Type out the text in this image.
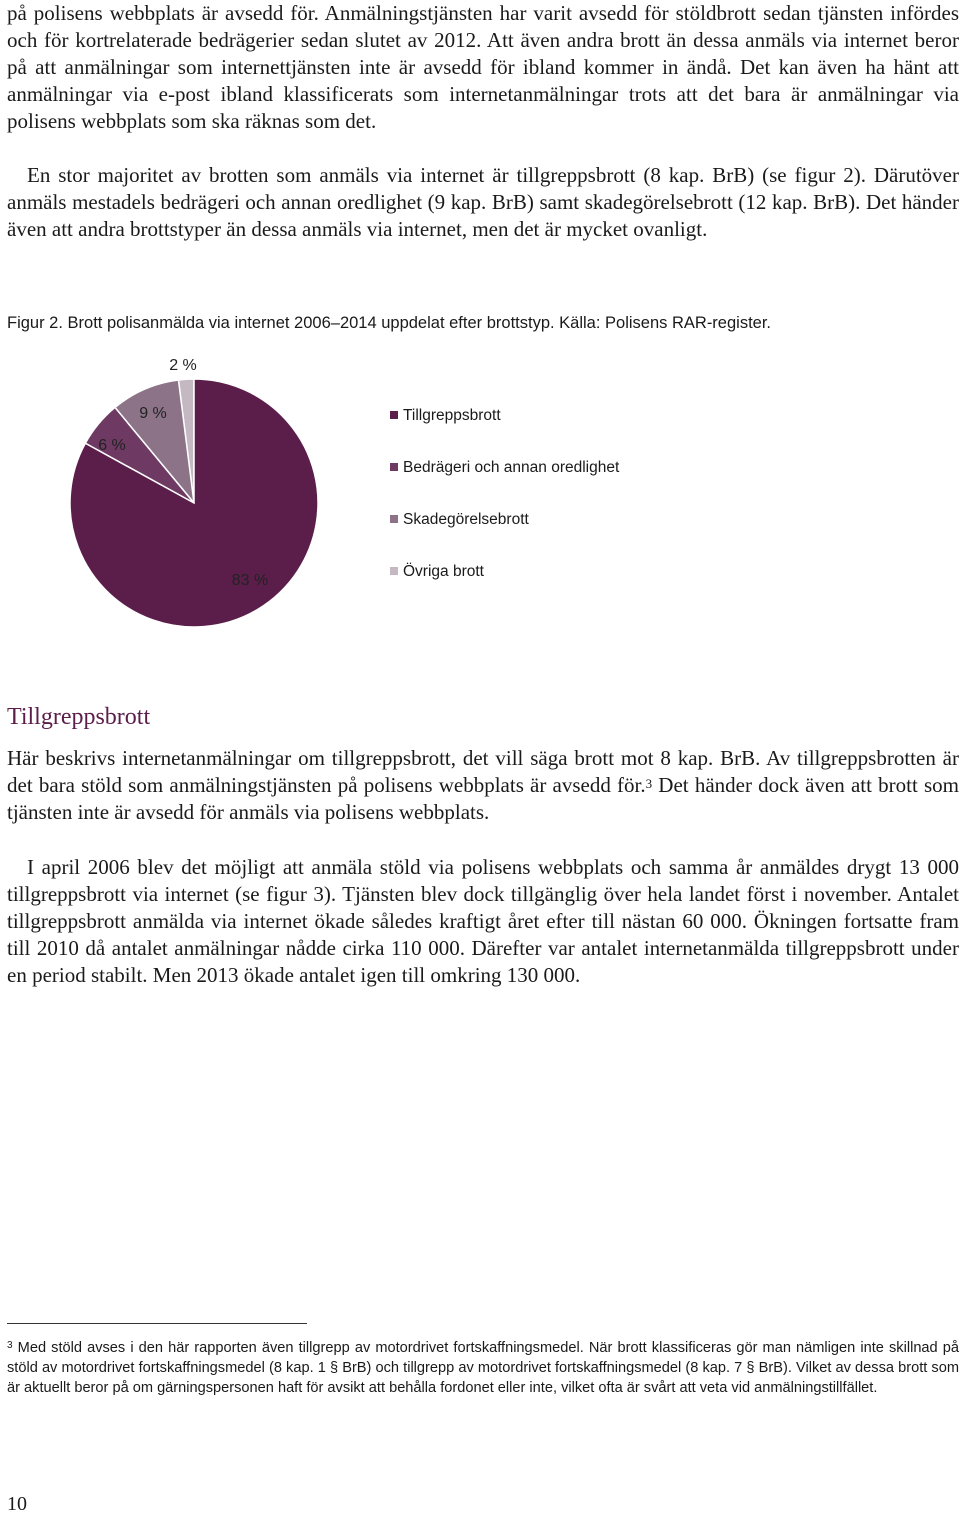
på polisens webbplats är avsedd för. Anmälningstjänsten har varit avsedd för stöldbrott sedan tjänsten infördes och för kortrelaterade bedrägerier sedan slutet av 2012. Att även andra brott än dessa anmäls via internet beror på att anmälningar som internettjänsten inte är avsedd för ibland kommer in ändå. Det kan även ha hänt att anmälningar via e-post ibland klassificerats som internetanmälningar trots att det bara är anmälningar via polisens webbplats som ska räknas som det.

En stor majoritet av brotten som anmäls via internet är tillgreppsbrott (8 kap. BrB) (se figur 2). Därutöver anmäls mestadels bedrägeri och annan oredlighet (9 kap. BrB) samt skadegörelsebrott (12 kap. BrB). Det händer även att andra brottstyper än dessa anmäls via internet, men det är mycket ovanligt.

Figur 2. Brott polisanmälda via internet 2006–2014 uppdelat efter brottstyp. Källa: Polisens RAR-register.
2 %
9 %
6 %
83 %
Tillgreppsbrott
Bedrägeri och annan oredlighet
Skadegörelsebrott
Övriga brott
Tillgreppsbrott

Här beskrivs internetanmälningar om tillgreppsbrott, det vill säga brott mot 8 kap. BrB. Av tillgreppsbrotten är det bara stöld som anmälningstjänsten på polisens webbplats är avsedd för.$^3$ Det händer dock även att brott som tjänsten inte är avsedd för anmäls via polisens webbplats.

I april 2006 blev det möjligt att anmäla stöld via polisens webbplats och samma år anmäldes drygt 13 000 tillgreppsbrott via internet (se figur 3). Tjänsten blev dock tillgänglig över hela landet först i november. Antalet tillgreppsbrott anmälda via internet ökade således kraftigt året efter till nästan 60 000. Ökningen fortsatte fram till 2010 då antalet anmälningar nådde cirka 110 000. Därefter var antalet internetanmälda tillgreppsbrott under en period stabilt. Men 2013 ökade antalet igen till omkring 130 000.

$^3$ Med stöld avses i den här rapporten även tillgrepp av motordrivet fortskaffningsmedel. När brott klassificeras gör man nämligen inte skillnad på stöld av motordrivet fortskaffningsmedel (8 kap. 1 § BrB) och tillgrepp av motordrivet fortskaffningsmedel (8 kap. 7 § BrB). Vilket av dessa brott som är aktuellt beror på om gärningspersonen haft för avsikt att behålla fordonet eller inte, vilket ofta är svårt att veta vid anmälningstillfället.
10
